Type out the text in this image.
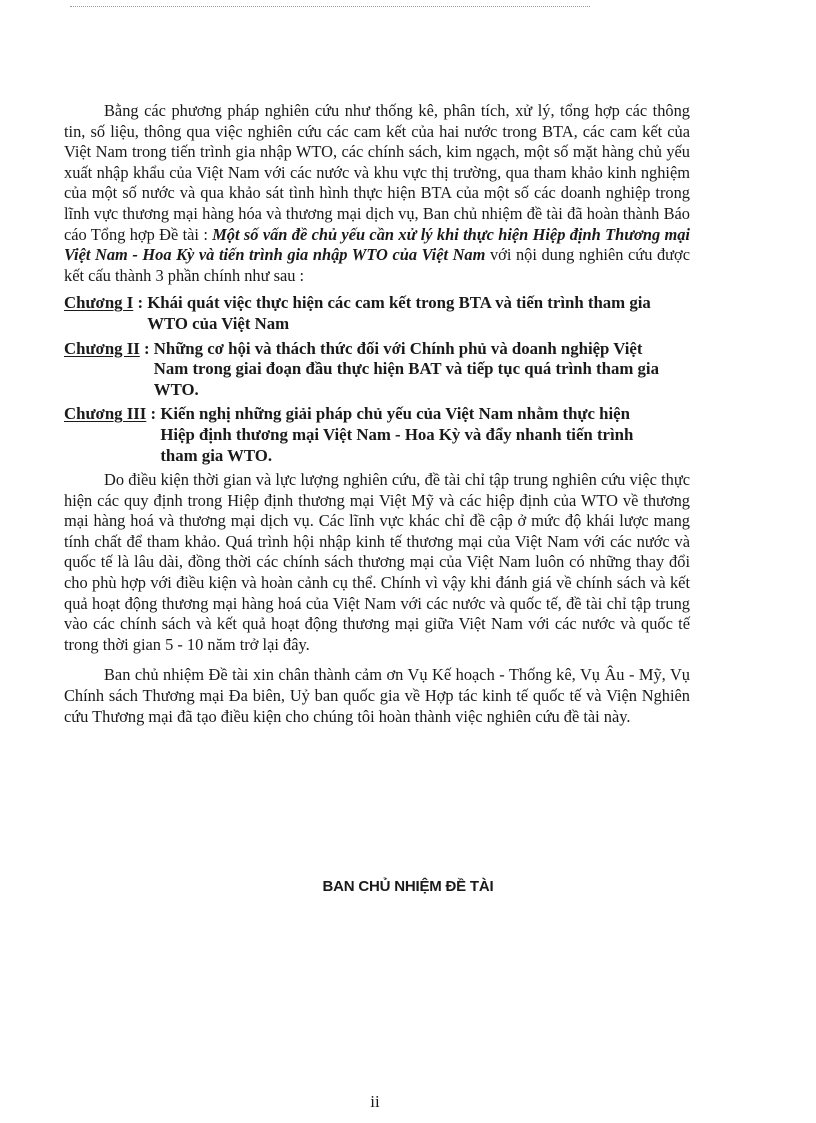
Bằng các phương pháp nghiên cứu như thống kê, phân tích, xử lý, tổng hợp các thông tin, số liệu, thông qua việc nghiên cứu các cam kết của hai nước trong BTA, các cam kết của Việt Nam trong tiến trình gia nhập WTO, các chính sách, kim ngạch, một số mặt hàng chủ yếu xuất nhập khẩu của Việt Nam với các nước và khu vực thị trường, qua tham khảo kinh nghiệm của một số nước và qua khảo sát tình hình thực hiện BTA của một số các doanh nghiệp trong lĩnh vực thương mại hàng hóa và thương mại dịch vụ, Ban chủ nhiệm đề tài đã hoàn thành Báo cáo Tổng hợp Đề tài : Một số vấn đề chủ yếu cần xử lý khi thực hiện Hiệp định Thương mại Việt Nam - Hoa Kỳ và tiến trình gia nhập WTO của Việt Nam với nội dung nghiên cứu được kết cấu thành 3 phần chính như sau :

Chương I : Khái quát việc thực hiện các cam kết trong BTA và tiến trình tham gia WTO của Việt Nam
Chương II : Những cơ hội và thách thức đối với Chính phủ và doanh nghiệp Việt Nam trong giai đoạn đầu thực hiện BAT và tiếp tục quá trình tham gia WTO.
Chương III : Kiến nghị những giải pháp chủ yếu của Việt Nam nhằm thực hiện Hiệp định thương mại Việt Nam - Hoa Kỳ và đẩy nhanh tiến trình tham gia WTO.

Do điều kiện thời gian và lực lượng nghiên cứu, đề tài chỉ tập trung nghiên cứu việc thực hiện các quy định trong Hiệp định thương mại Việt Mỹ và các hiệp định của WTO về thương mại hàng hoá và thương mại dịch vụ. Các lĩnh vực khác chỉ đề cập ở mức độ khái lược mang tính chất để tham khảo. Quá trình hội nhập kinh tế thương mại của Việt Nam với các nước và quốc tế là lâu dài, đồng thời các chính sách thương mại của Việt Nam luôn có những thay đổi cho phù hợp với điều kiện và hoàn cảnh cụ thể. Chính vì vậy khi đánh giá về chính sách và kết quả hoạt động thương mại hàng hoá của Việt Nam với các nước và quốc tế, đề tài chỉ tập trung vào các chính sách và kết quả hoạt động thương mại giữa Việt Nam với các nước và quốc tế trong thời gian 5 - 10 năm trở lại đây.

Ban chủ nhiệm Đề tài xin chân thành cảm ơn Vụ Kế hoạch - Thống kê, Vụ Âu - Mỹ, Vụ Chính sách Thương mại Đa biên, Uỷ ban quốc gia về Hợp tác kinh tế quốc tế và Viện Nghiên cứu Thương mại đã tạo điều kiện cho chúng tôi hoàn thành việc nghiên cứu đề tài này.

BAN CHỦ NHIỆM ĐỀ TÀI
ii
